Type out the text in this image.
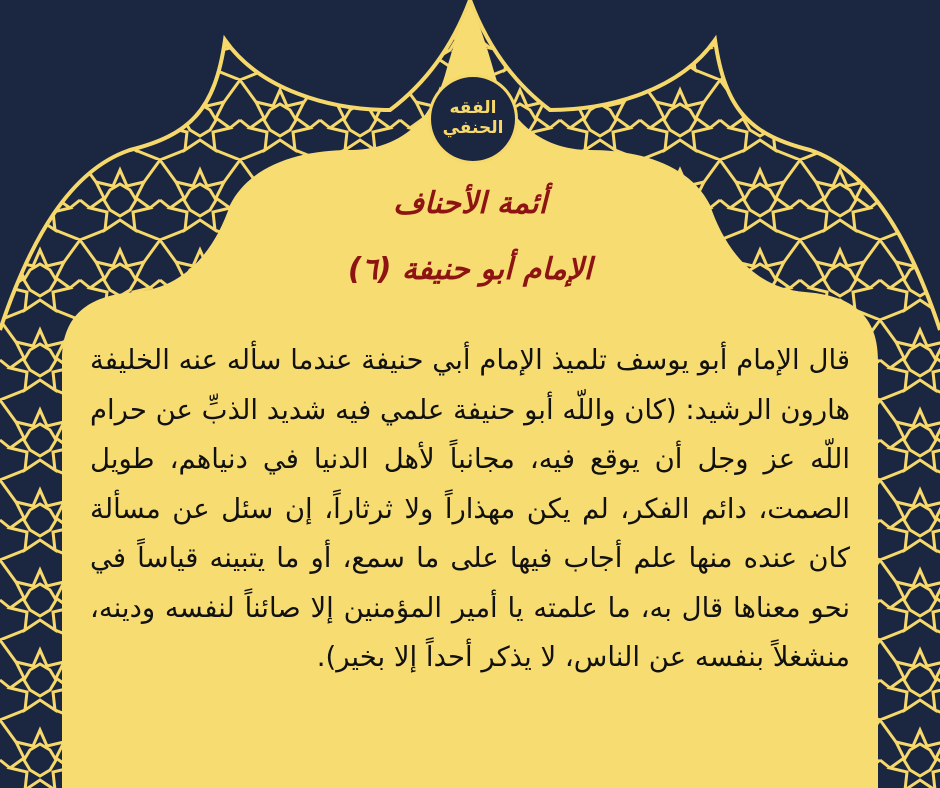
الفقه
الحنفي
أئمة الأحناف
الإمام أبو حنيفة (٦)
قال الإمام أبو يوسف تلميذ الإمام أبي حنيفة عندما سأله عنه الخليفة هارون الرشيد: (كان واللّه أبو حنيفة علمي فيه شديد الذبِّ عن حرام اللّه عز وجل أن يوقع فيه، مجانباً لأهل الدنيا في دنياهم، طويل الصمت، دائم الفكر، لم يكن مهذاراً ولا ثرثاراً، إن سئل عن مسألة كان عنده منها علم أجاب فيها على ما سمع، أو ما يتبينه قياساً في نحو معناها قال به، ما علمته يا أمير المؤمنين إلا صائناً لنفسه ودينه، منشغلاً بنفسه عن الناس، لا يذكر أحداً إلا بخير).
